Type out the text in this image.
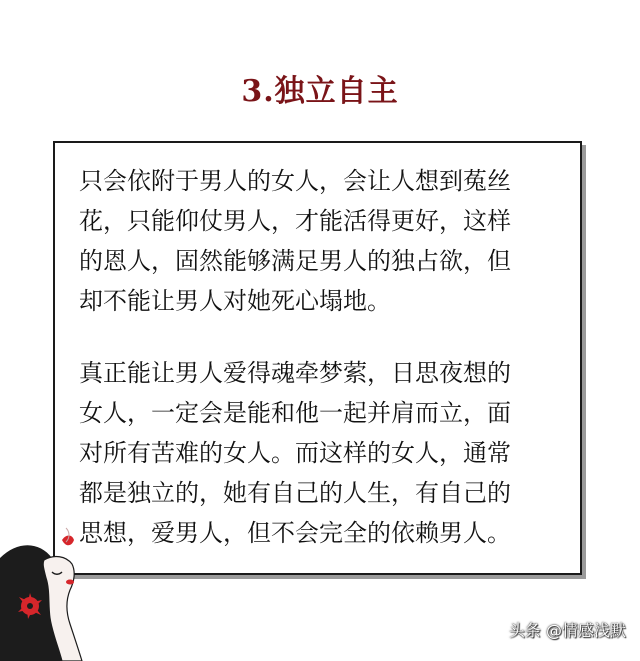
3.独立自主

只会依附于男人的女人，会让人想到菟丝
花，只能仰仗男人，才能活得更好，这样
的恩人，固然能够满足男人的独占欲，但
却不能让男人对她死心塌地。

真正能让男人爱得魂牵梦萦，日思夜想的
女人，一定会是能和他一起并肩而立，面
对所有苦难的女人。而这样的女人，通常
都是独立的，她有自己的人生，有自己的
思想，爱男人，但不会完全的依赖男人。

头条 @情感浅默
